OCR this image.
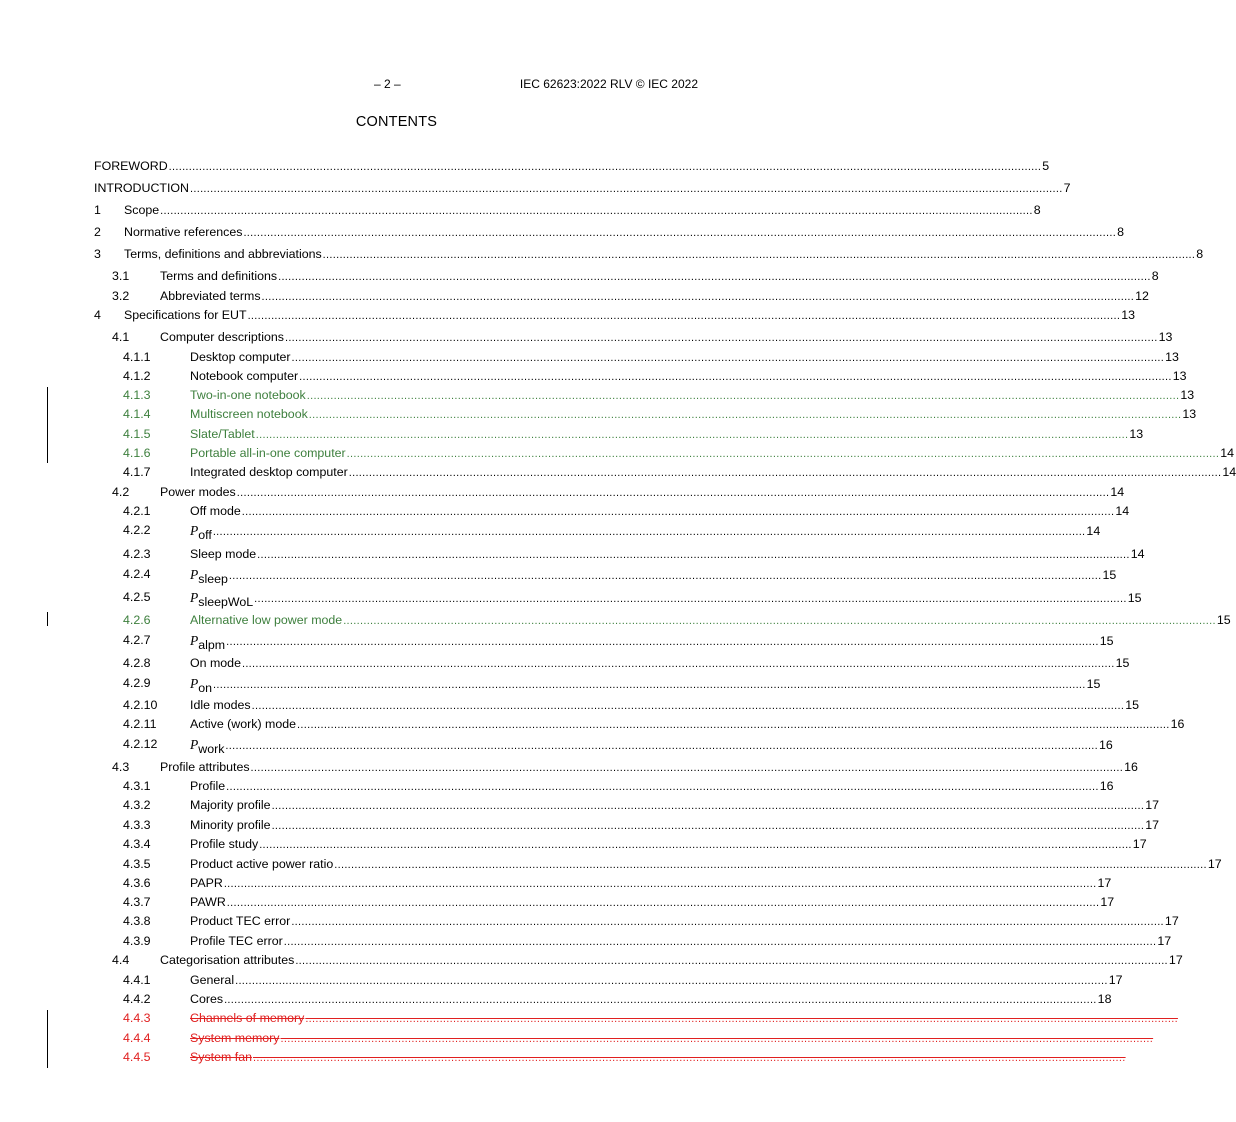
– 2 –	IEC 62623:2022 RLV © IEC 2022
CONTENTS
FOREWORD .................................................................................................................................................................................................................................................................... 5
INTRODUCTION .................................................................................................................................................................................................................................................................... 7
1 Scope .................................................................................................................................................................................................................................................................... 8
2 Normative references .................................................................................................................................................................................................................................................................... 8
3 Terms, definitions and abbreviations .................................................................................................................................................................................................................................................................... 8
3.1 Terms and definitions .................................................................................................................................................................................................................................................................... 8
3.2 Abbreviated terms .................................................................................................................................................................................................................................................................... 12
4 Specifications for EUT .................................................................................................................................................................................................................................................................... 13
4.1 Computer descriptions .................................................................................................................................................................................................................................................................... 13
4.1.1	Desktop computer .................................................................................................................................................................................................................................................................... 13
4.1.2	Notebook computer .................................................................................................................................................................................................................................................................... 13
4.1.3	Two-in-one notebook .................................................................................................................................................................................................................................................................... 13
4.1.4	Multiscreen notebook .................................................................................................................................................................................................................................................................... 13
4.1.5	Slate/Tablet .................................................................................................................................................................................................................................................................... 13
4.1.6	Portable all-in-one computer .................................................................................................................................................................................................................................................................... 14
4.1.7	Integrated desktop computer .................................................................................................................................................................................................................................................................... 14
4.2 Power modes .................................................................................................................................................................................................................................................................... 14
4.2.1	Off mode .................................................................................................................................................................................................................................................................... 14
4.2.2	$P_{off}$ .................................................................................................................................................................................................................................................................... 14
4.2.3	Sleep mode .................................................................................................................................................................................................................................................................... 14
4.2.4	$P_{sleep}$ .................................................................................................................................................................................................................................................................... 15
4.2.5	$P_{sleepWoL}$ .................................................................................................................................................................................................................................................................... 15
4.2.6	Alternative low power mode .................................................................................................................................................................................................................................................................... 15
4.2.7	$P_{alpm}$ .................................................................................................................................................................................................................................................................... 15
4.2.8	On mode .................................................................................................................................................................................................................................................................... 15
4.2.9	$P_{on}$ .................................................................................................................................................................................................................................................................... 15
4.2.10	Idle modes .................................................................................................................................................................................................................................................................... 15
4.2.11	Active (work) mode .................................................................................................................................................................................................................................................................... 16
4.2.12 $P_{work}$ .................................................................................................................................................................................................................................................................... 16
4.3 Profile attributes .................................................................................................................................................................................................................................................................... 16
4.3.1	Profile .................................................................................................................................................................................................................................................................... 16
4.3.2	Majority profile .................................................................................................................................................................................................................................................................... 17
4.3.3	Minority profile .................................................................................................................................................................................................................................................................... 17
4.3.4	Profile study .................................................................................................................................................................................................................................................................... 17
4.3.5	Product active power ratio .................................................................................................................................................................................................................................................................... 17
4.3.6	PAPR .................................................................................................................................................................................................................................................................... 17
4.3.7	PAWR .................................................................................................................................................................................................................................................................... 17
4.3.8	Product TEC error .................................................................................................................................................................................................................................................................... 17
4.3.9	Profile TEC error .................................................................................................................................................................................................................................................................... 17
4.4 Categorisation attributes .................................................................................................................................................................................................................................................................... 17
4.4.1	General .................................................................................................................................................................................................................................................................... 17
4.4.2	Cores .................................................................................................................................................................................................................................................................... 18
4.4.3	Channels of memory ....................................................................................................................................................................................................................................................................
4.4.4	System memory ....................................................................................................................................................................................................................................................................
4.4.5	System fan ....................................................................................................................................................................................................................................................................
